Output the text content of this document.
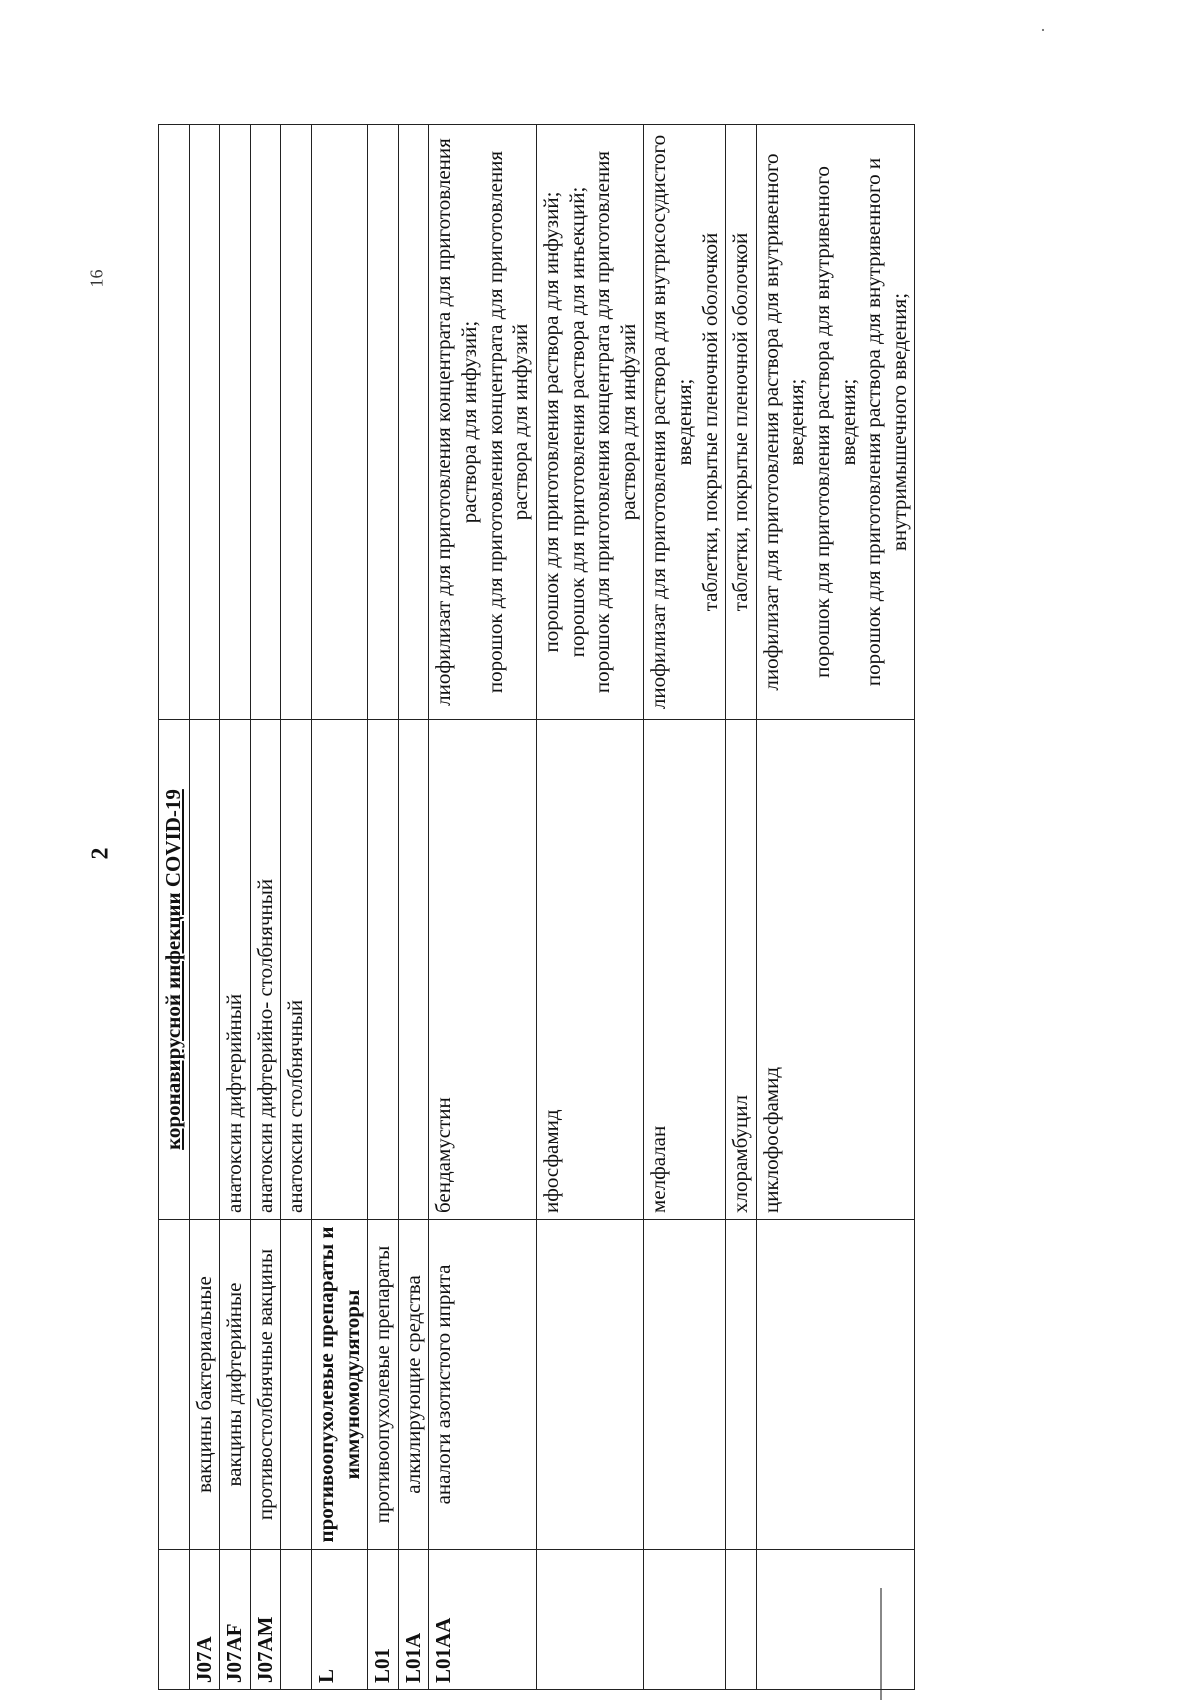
16
2
·
		коронавирусной инфекции COVID-19	
J07A	вакцины бактериальные		
J07AF	вакцины дифтерийные	анатоксин дифтерийный	
J07AM	противостолбнячные вакцины	анатоксин дифтерийно- столбнячный	
		анатоксин столбнячный	
L	противоопухолевые препараты и иммуномодуляторы		
L01	противоопухолевые препараты		
L01A	алкилирующие средства		
L01AA	аналоги азотистого иприта	бендамустин	лиофилизат для приготовления концентрата для приготовления раствора для инфузий; порошок для приготовления концентрата для приготовления раствора для инфузий

		ифосфамид	порошок для приготовления раствора для инфузий; порошок для приготовления раствора для инъекций; порошок для приготовления концентрата для приготовления раствора для инфузий

		мелфалан	лиофилизат для приготовления раствора для внутрисосудистого введения; таблетки, покрытые пленочной оболочкой

		хлорамбуцил	таблетки, покрытые пленочной оболочкой

		циклофосфамид	лиофилизат для приготовления раствора для внутривенного введения; порошок для приготовления раствора для внутривенного введения; порошок для приготовления раствора для внутривенного и внутримышечного введения;
